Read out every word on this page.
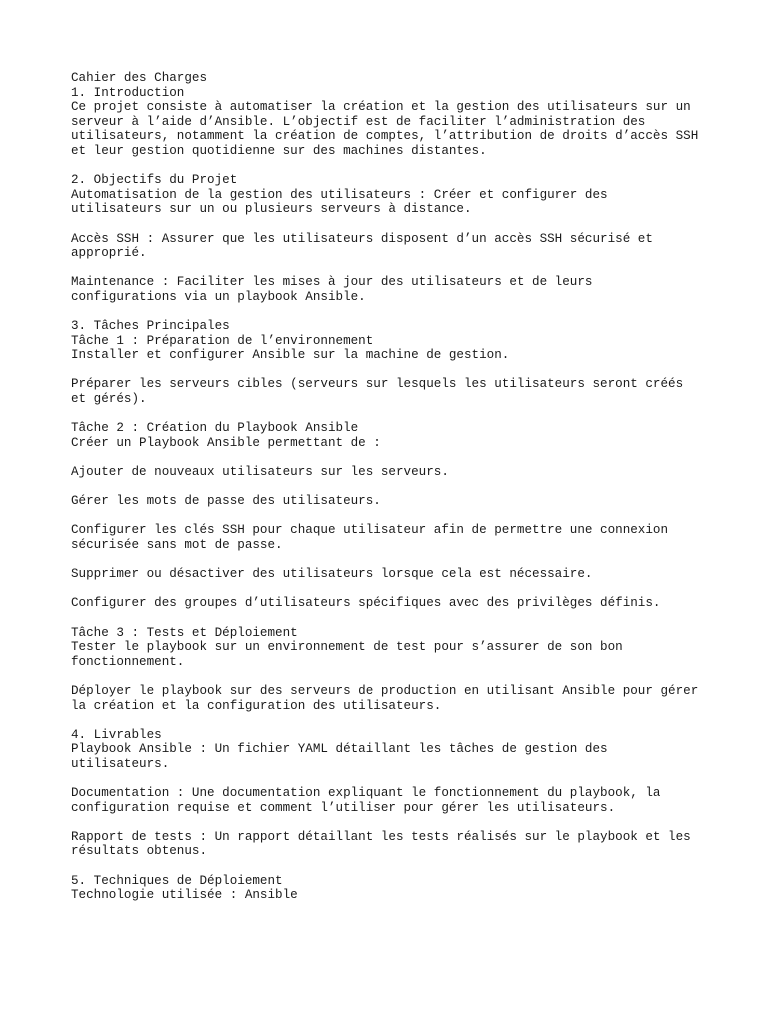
Cahier des Charges
1. Introduction
Ce projet consiste à automatiser la création et la gestion des utilisateurs sur un
serveur à l’aide d’Ansible. L’objectif est de faciliter l’administration des
utilisateurs, notamment la création de comptes, l’attribution de droits d’accès SSH
et leur gestion quotidienne sur des machines distantes.
2. Objectifs du Projet
Automatisation de la gestion des utilisateurs : Créer et configurer des
utilisateurs sur un ou plusieurs serveurs à distance.
Accès SSH : Assurer que les utilisateurs disposent d’un accès SSH sécurisé et
approprié.
Maintenance : Faciliter les mises à jour des utilisateurs et de leurs
configurations via un playbook Ansible.
3. Tâches Principales
Tâche 1 : Préparation de l’environnement
Installer et configurer Ansible sur la machine de gestion.
Préparer les serveurs cibles (serveurs sur lesquels les utilisateurs seront créés
et gérés).
Tâche 2 : Création du Playbook Ansible
Créer un Playbook Ansible permettant de :
Ajouter de nouveaux utilisateurs sur les serveurs.
Gérer les mots de passe des utilisateurs.
Configurer les clés SSH pour chaque utilisateur afin de permettre une connexion
sécurisée sans mot de passe.
Supprimer ou désactiver des utilisateurs lorsque cela est nécessaire.
Configurer des groupes d’utilisateurs spécifiques avec des privilèges définis.
Tâche 3 : Tests et Déploiement
Tester le playbook sur un environnement de test pour s’assurer de son bon
fonctionnement.
Déployer le playbook sur des serveurs de production en utilisant Ansible pour gérer
la création et la configuration des utilisateurs.
4. Livrables
Playbook Ansible : Un fichier YAML détaillant les tâches de gestion des
utilisateurs.
Documentation : Une documentation expliquant le fonctionnement du playbook, la
configuration requise et comment l’utiliser pour gérer les utilisateurs.
Rapport de tests : Un rapport détaillant les tests réalisés sur le playbook et les
résultats obtenus.
5. Techniques de Déploiement
Technologie utilisée : Ansible
